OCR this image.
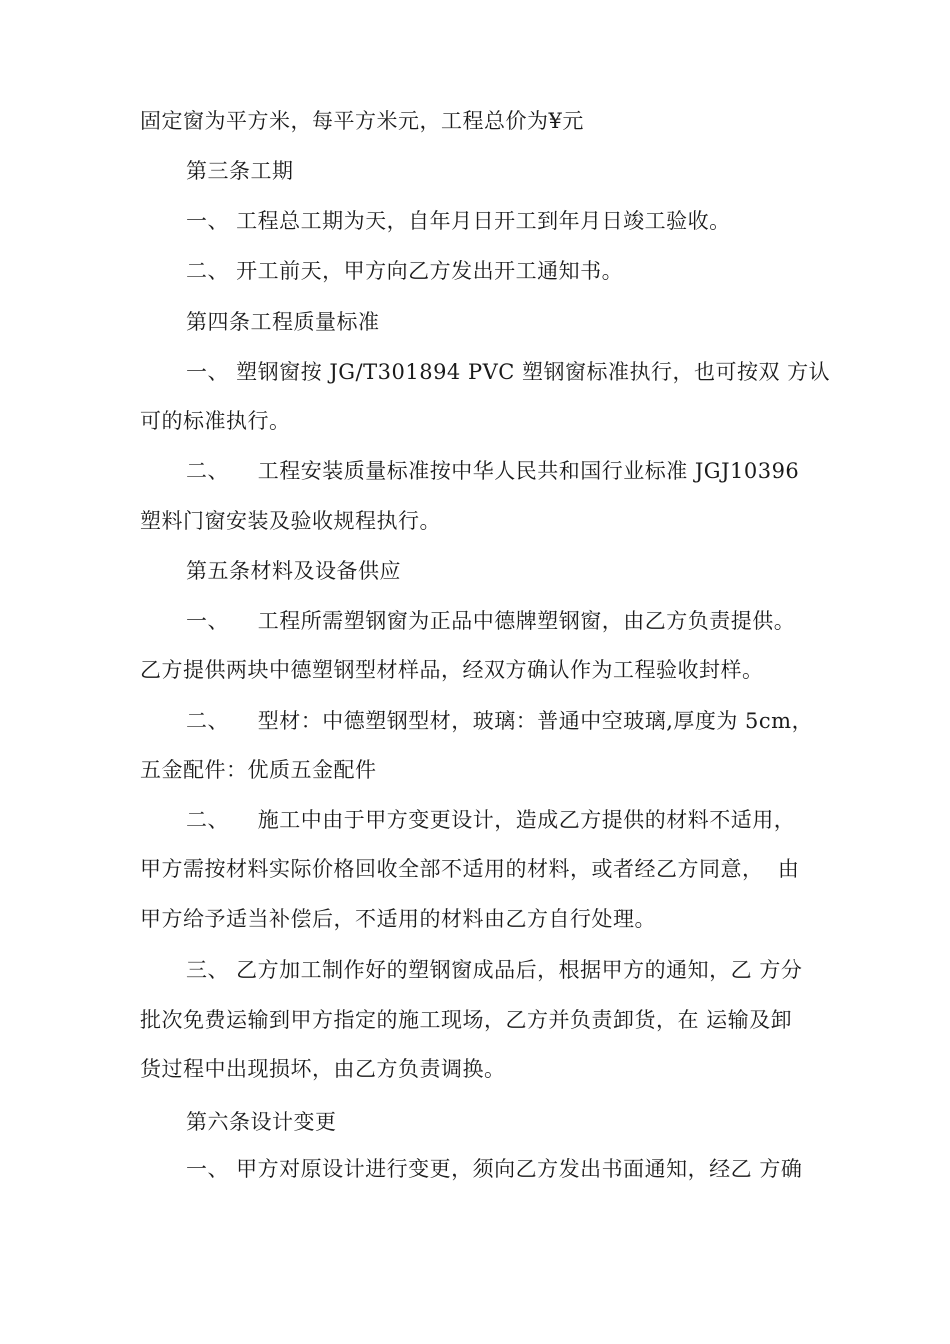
固定窗为平方米，每平方米元，工程总价为¥元
第三条工期
一、 工程总工期为天，自年月日开工到年月日竣工验收。
二、 开工前天，甲方向乙方发出开工通知书。
第四条工程质量标准
一、 塑钢窗按 JG/T301894 PVC 塑钢窗标准执行，也可按双 方认
可的标准执行。
二、    工程安装质量标准按中华人民共和国行业标准 JGJ10396
塑料门窗安装及验收规程执行。
第五条材料及设备供应
一、    工程所需塑钢窗为正品中德牌塑钢窗，由乙方负责提供。
乙方提供两块中德塑钢型材样品，经双方确认作为工程验收封样。
二、    型材：中德塑钢型材，玻璃：普通中空玻璃,厚度为 5cm，
五金配件：优质五金配件
二、    施工中由于甲方变更设计，造成乙方提供的材料不适用，
甲方需按材料实际价格回收全部不适用的材料，或者经乙方同意，  由
甲方给予适当补偿后，不适用的材料由乙方自行处理。
三、 乙方加工制作好的塑钢窗成品后，根据甲方的通知，乙 方分
批次免费运输到甲方指定的施工现场，乙方并负责卸货，在 运输及卸
货过程中出现损坏，由乙方负责调换。
第六条设计变更
一、 甲方对原设计进行变更，须向乙方发出书面通知，经乙 方确
